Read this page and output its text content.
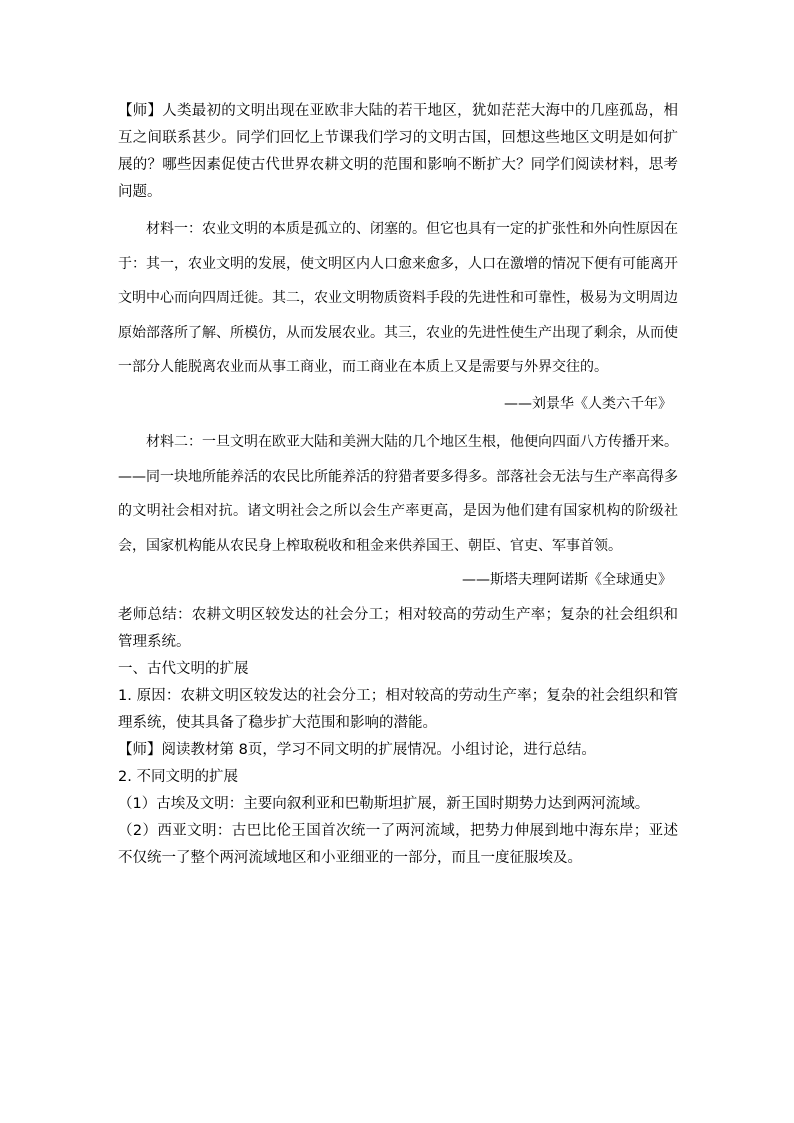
【师】人类最初的文明出现在亚欧非大陆的若干地区，犹如茫茫大海中的几座孤岛，相互之间联系甚少。同学们回忆上节课我们学习的文明古国，回想这些地区文明是如何扩展的？哪些因素促使古代世界农耕文明的范围和影响不断扩大？同学们阅读材料，思考问题。

材料一：农业文明的本质是孤立的、闭塞的。但它也具有一定的扩张性和外向性原因在于：其一，农业文明的发展，使文明区内人口愈来愈多，人口在激增的情况下便有可能离开文明中心而向四周迁徙。其二，农业文明物质资料手段的先进性和可靠性，极易为文明周边原始部落所了解、所模仿，从而发展农业。其三，农业的先进性使生产出现了剩余，从而使一部分人能脱离农业而从事工商业，而工商业在本质上又是需要与外界交往的。

——刘景华《人类六千年》

材料二：一旦文明在欧亚大陆和美洲大陆的几个地区生根，他便向四面八方传播开来。——同一块地所能养活的农民比所能养活的狩猎者要多得多。部落社会无法与生产率高得多的文明社会相对抗。诸文明社会之所以会生产率更高，是因为他们建有国家机构的阶级社会，国家机构能从农民身上榨取税收和租金来供养国王、朝臣、官吏、军事首领。

——斯塔夫理阿诺斯《全球通史》

老师总结：农耕文明区较发达的社会分工；相对较高的劳动生产率；复杂的社会组织和管理系统。

一、古代文明的扩展

1. 原因：农耕文明区较发达的社会分工；相对较高的劳动生产率；复杂的社会组织和管理系统，使其具备了稳步扩大范围和影响的潜能。

【师】阅读教材第 8页，学习不同文明的扩展情况。小组讨论，进行总结。

2. 不同文明的扩展

（1）古埃及文明：主要向叙利亚和巴勒斯坦扩展，新王国时期势力达到两河流域。

（2）西亚文明：古巴比伦王国首次统一了两河流域，把势力伸展到地中海东岸；亚述不仅统一了整个两河流域地区和小亚细亚的一部分，而且一度征服埃及。
